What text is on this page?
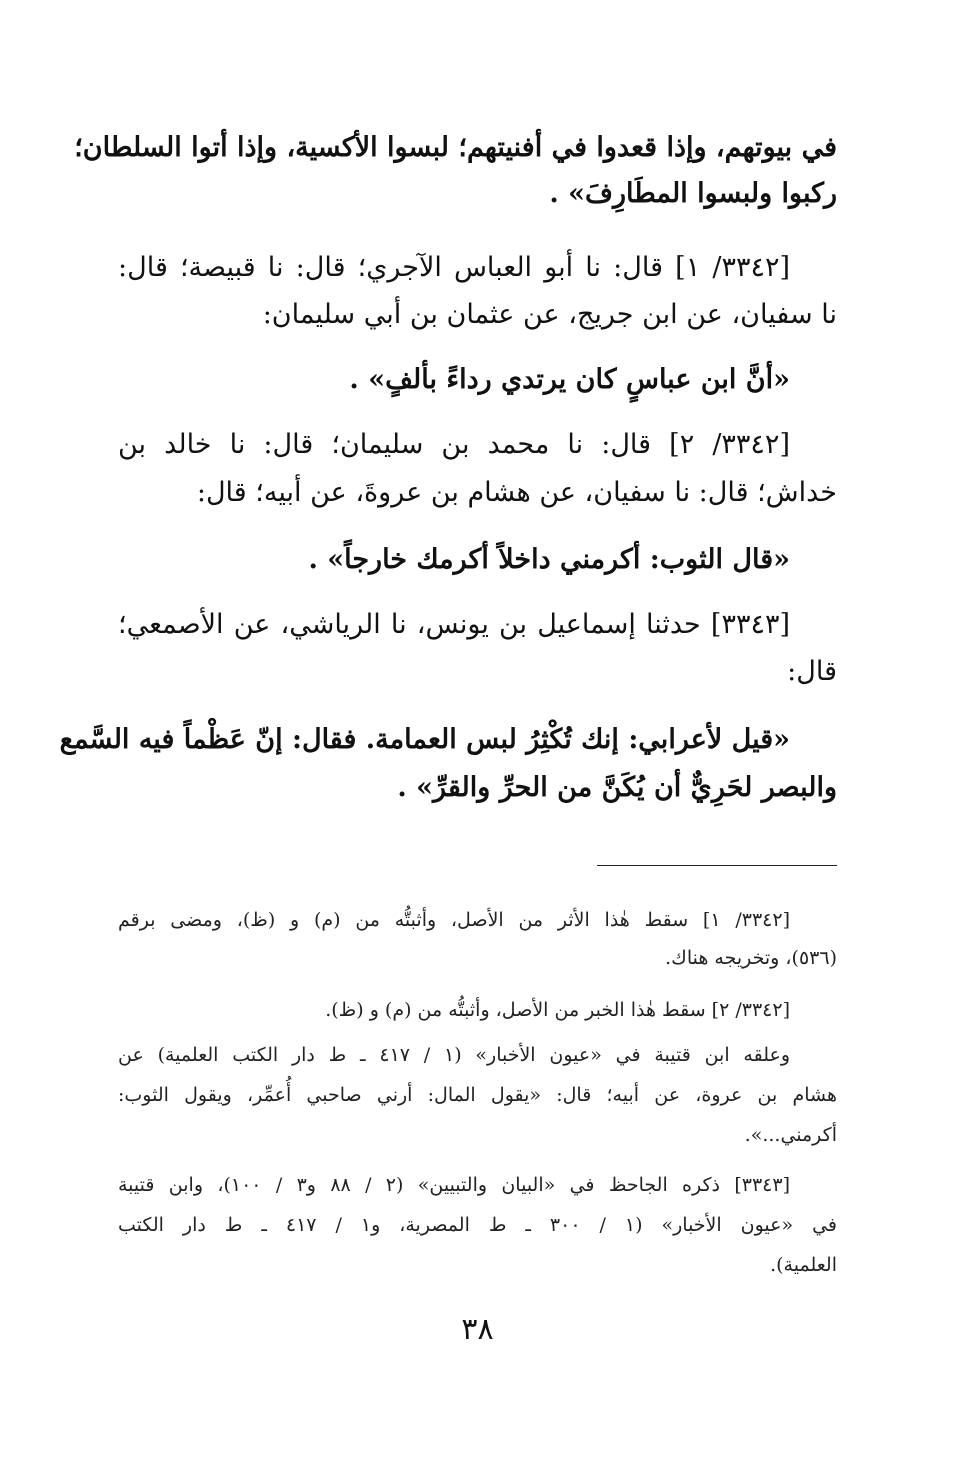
في بيوتهم، وإذا قعدوا في أفنيتهم؛ لبسوا الأكسية، وإذا أتوا السلطان؛
ركبوا ولبسوا المطَارِفَ» .
[٣٣٤٢/ ١] قال: نا أبو العباس الآجري؛ قال: نا قبيصة؛ قال:
نا سفيان، عن ابن جريج، عن عثمان بن أبي سليمان:
«أنَّ ابن عباسٍ كان يرتدي رداءً بألفٍ» .
[٣٣٤٢/ ٢] قال: نا محمد بن سليمان؛ قال: نا خالد بن
خداش؛ قال: نا سفيان، عن هشام بن عروةَ، عن أبيه؛ قال:
«قال الثوب: أكرمني داخلاً أكرمك خارجاً» .
[٣٣٤٣] حدثنا إسماعيل بن يونس، نا الرياشي، عن الأصمعي؛
قال:
«قيل لأعرابي: إنك تُكْثِرُ لبس العمامة. فقال: إنّ عَظْماً فيه السَّمع
والبصر لحَرِيٌّ أن يُكَنَّ من الحرِّ والقرِّ» .
[٣٣٤٢/ ١] سقط هٰذا الأثر من الأصل، وأثبتُّه من (م) و (ظ)، ومضى برقم
(٥٣٦)، وتخريجه هناك.
[٣٣٤٢/ ٢] سقط هٰذا الخبر من الأصل، وأثبتُّه من (م) و (ظ).
وعلقه ابن قتيبة في «عيون الأخبار» (١ / ٤١٧ ـ ط دار الكتب العلمية) عن
هشام بن عروة، عن أبيه؛ قال: «يقول المال: أرني صاحبي أُعمِّر، ويقول الثوب:
أكرمني...».
[٣٣٤٣] ذكره الجاحظ في «البيان والتبيين» (٢ / ٨٨ و٣ / ١٠٠)، وابن قتيبة
في «عيون الأخبار» (١ / ٣٠٠ ـ ط المصرية، و١ / ٤١٧ ـ ط دار الكتب
العلمية).
٣٨
